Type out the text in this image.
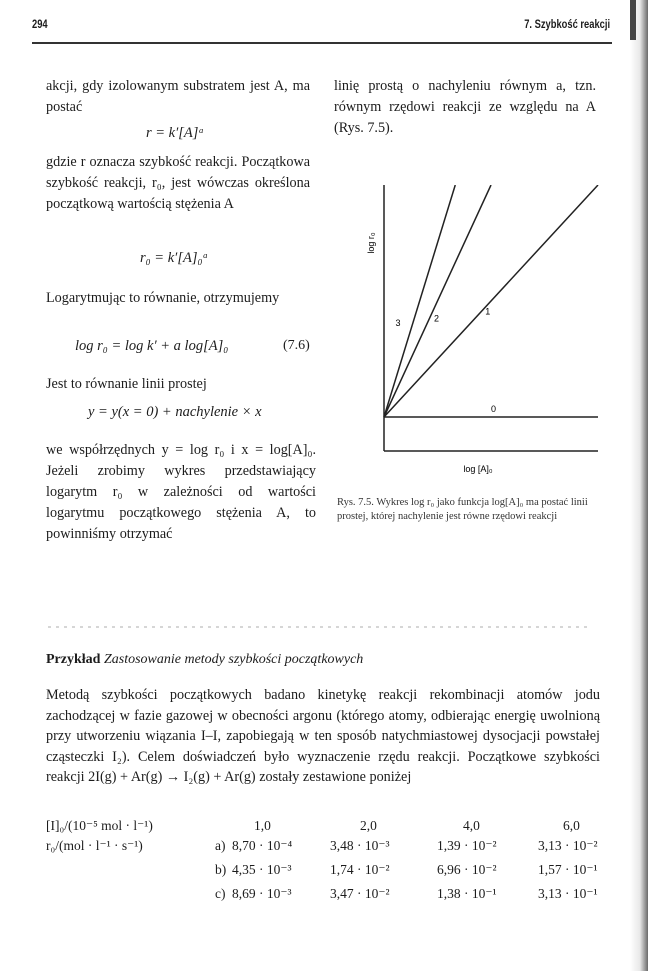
294	7. Szybkość reakcji
akcji, gdy izolowanym substratem jest A, ma postać
r = k′[A]ᵃ
gdzie r oznacza szybkość reakcji. Początkowa szybkość reakcji, r₀, jest wówczas określona początkową wartością stężenia A
r₀ = k′[A]₀ᵃ
Logarytmując to równanie, otrzymujemy
log r₀ = log k′ + a log[A]₀	(7.6)
Jest to równanie linii prostej
y = y(x = 0) + nachylenie × x
we współrzędnych y = log r₀ i x = log[A]₀. Jeżeli zrobimy wykres przedstawiający logarytm r₀ w zależności od wartości logarytmu początkowego stężenia A, to powinniśmy otrzymać
linię prostą o nachyleniu równym a, tzn. równym rzędowi reakcji ze względu na A (Rys. 7.5).
0
1
2
3
log r₀
log [A]₀
Rys. 7.5. Wykres log r₀ jako funkcja log[A]₀ ma postać linii prostej, której nachylenie jest równe rzędowi reakcji
Przykład Zastosowanie metody szybkości początkowych
Metodą szybkości początkowych badano kinetykę reakcji rekombinacji atomów jodu zachodzącej w fazie gazowej w obecności argonu (którego atomy, odbierając energię uwolnioną przy utworzeniu wiązania I–I, zapobiegają w ten sposób natychmiastowej dysocjacji powstałej cząsteczki I₂). Celem doświadczeń było wyznaczenie rzędu reakcji. Początkowe szybkości reakcji 2I(g) + Ar(g) → I₂(g) + Ar(g) zostały zestawione poniżej
[I]₀/(10⁻⁵ mol · l⁻¹)
r₀/(mol · l⁻¹ · s⁻¹)
1,0	2,0	4,0	6,0
a) 8,70 · 10⁻⁴	3,48 · 10⁻³	1,39 · 10⁻²	3,13 · 10⁻²
b) 4,35 · 10⁻³	1,74 · 10⁻²	6,96 · 10⁻²	1,57 · 10⁻¹
c) 8,69 · 10⁻³	3,47 · 10⁻²	1,38 · 10⁻¹	3,13 · 10⁻¹
